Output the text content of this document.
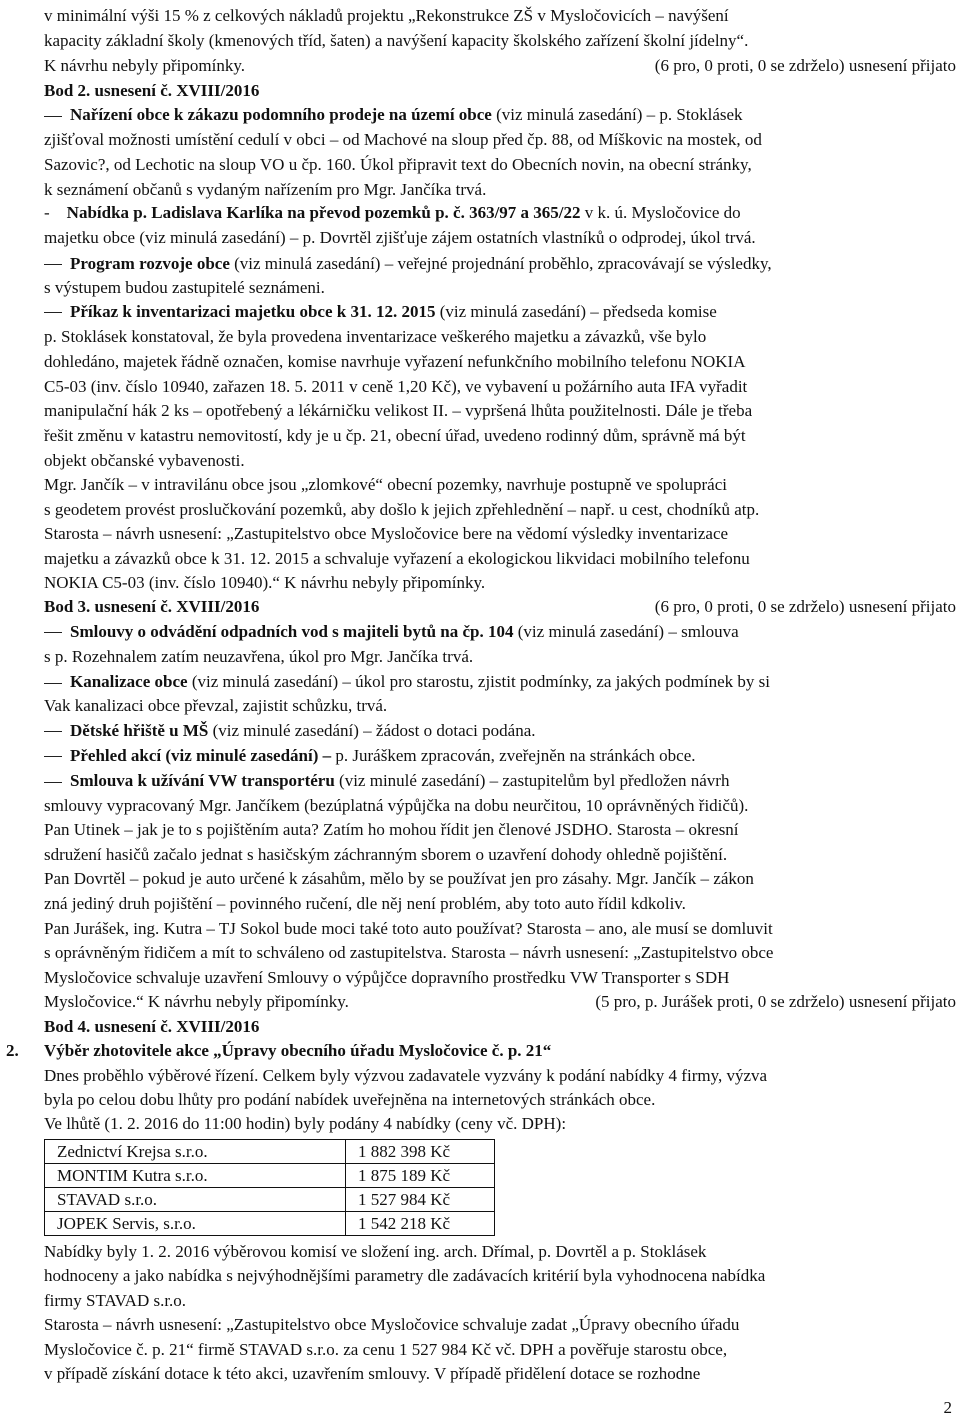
v minimální výši 15 % z celkových nákladů projektu „Rekonstrukce ZŠ v Mysločovicích – navýšení
kapacity základní školy (kmenových tříd, šaten) a navýšení kapacity školského zařízení školní jídelny“.
K návrhu nebyly připomínky.	(6 pro, 0 proti, 0 se zdrželo) usnesení přijato
Bod 2. usnesení č. XVIII/2016
Nařízení obce k zákazu podomního prodeje na území obce (viz minulá zasedání) – p. Stoklásek
zjišťoval možnosti umístění cedulí v obci – od Machové na sloup před čp. 88, od Míškovic na mostek, od
Sazovic?, od Lechotic na sloup VO u čp. 160. Úkol připravit text do Obecních novin, na obecní stránky,
k seznámení občanů s vydaným nařízením pro Mgr. Jančíka trvá.
-    Nabídka p. Ladislava Karlíka na převod pozemků p. č. 363/97 a 365/22 v k. ú. Mysločovice do
majetku obce (viz minulá zasedání) – p. Dovrtěl zjišťuje zájem ostatních vlastníků o odprodej, úkol trvá.
Program rozvoje obce (viz minulá zasedání) – veřejné projednání proběhlo, zpracovávají se výsledky,
s výstupem budou zastupitelé seznámeni.
Příkaz k inventarizaci majetku obce k 31. 12. 2015 (viz minulá zasedání) – předseda komise
p. Stoklásek konstatoval, že byla provedena inventarizace veškerého majetku a závazků, vše bylo
dohledáno, majetek řádně označen, komise navrhuje vyřazení nefunkčního mobilního telefonu NOKIA
C5-03 (inv. číslo 10940, zařazen 18. 5. 2011 v ceně 1,20 Kč), ve vybavení u požárního auta IFA vyřadit
manipulační hák 2 ks – opotřebený a lékárničku velikost II. – vypršená lhůta použitelnosti. Dále je třeba
řešit změnu v katastru nemovitostí, kdy je u čp. 21, obecní úřad, uvedeno rodinný dům, správně má být
objekt občanské vybavenosti.
Mgr. Jančík – v intravilánu obce jsou „zlomkové“ obecní pozemky, navrhuje postupně ve spolupráci
s geodetem provést proslučkování pozemků, aby došlo k jejich zpřehlednění – např. u cest, chodníků atp.
Starosta – návrh usnesení: „Zastupitelstvo obce Mysločovice bere na vědomí výsledky inventarizace
majetku a závazků obce k 31. 12. 2015 a schvaluje vyřazení a ekologickou likvidaci mobilního telefonu
NOKIA C5-03 (inv. číslo 10940).“ K návrhu nebyly připomínky.
Bod 3. usnesení č. XVIII/2016	(6 pro, 0 proti, 0 se zdrželo) usnesení přijato
Smlouvy o odvádění odpadních vod s majiteli bytů na čp. 104 (viz minulá zasedání) – smlouva
s p. Rozehnalem zatím neuzavřena, úkol pro Mgr. Jančíka trvá.
Kanalizace obce (viz minulá zasedání) – úkol pro starostu, zjistit podmínky, za jakých podmínek by si
Vak kanalizaci obce převzal, zajistit schůzku, trvá.
Dětské hřiště u MŠ (viz minulé zasedání) – žádost o dotaci podána.
Přehled akcí (viz minulé zasedání) – p. Juráškem zpracován, zveřejněn na stránkách obce.
Smlouva k užívání VW transportéru (viz minulé zasedání) – zastupitelům byl předložen návrh
smlouvy vypracovaný Mgr. Jančíkem (bezúplatná výpůjčka na dobu neurčitou, 10 oprávněných řidičů).
Pan Utinek – jak je to s pojištěním auta? Zatím ho mohou řídit jen členové JSDHO. Starosta – okresní
sdružení hasičů začalo jednat s hasičským záchranným sborem o uzavření dohody ohledně pojištění.
Pan Dovrtěl – pokud je auto určené k zásahům, mělo by se používat jen pro zásahy. Mgr. Jančík – zákon
zná jediný druh pojištění – povinného ručení, dle něj není problém, aby toto auto řídil kdkoliv.
Pan Jurášek, ing. Kutra – TJ Sokol bude moci také toto auto používat? Starosta – ano, ale musí se domluvit
s oprávněným řidičem a mít to schváleno od zastupitelstva. Starosta – návrh usnesení: „Zastupitelstvo obce
Mysločovice schvaluje uzavření Smlouvy o výpůjčce dopravního prostředku VW Transporter s SDH
Mysločovice.“ K návrhu nebyly připomínky.	(5 pro, p. Jurášek proti, 0 se zdrželo) usnesení přijato
Bod 4. usnesení č. XVIII/2016
2. Výběr zhotovitele akce „Úpravy obecního úřadu Mysločovice č. p. 21“
Dnes proběhlo výběrové řízení. Celkem byly výzvou zadavatele vyzvány k podání nabídky 4 firmy, výzva
byla po celou dobu lhůty pro podání nabídek uveřejněna na internetových stránkách obce.
Ve lhůtě (1. 2. 2016 do 11:00 hodin) byly podány 4 nabídky (ceny vč. DPH):
Zednictví Krejsa s.r.o.	1 882 398 Kč
MONTIM Kutra s.r.o.	1 875 189 Kč
STAVAD s.r.o.	1 527 984 Kč
JOPEK Servis, s.r.o.	1 542 218 Kč
Nabídky byly 1. 2. 2016 výběrovou komisí ve složení ing. arch. Dřímal, p. Dovrtěl a p. Stoklásek
hodnoceny a jako nabídka s nejvýhodnějšími parametry dle zadávacích kritérií byla vyhodnocena nabídka
firmy STAVAD s.r.o.
Starosta – návrh usnesení: „Zastupitelstvo obce Mysločovice schvaluje zadat „Úpravy obecního úřadu
Mysločovice č. p. 21“ firmě STAVAD s.r.o. za cenu 1 527 984 Kč vč. DPH a pověřuje starostu obce,
v případě získání dotace k této akci, uzavřením smlouvy. V případě přidělení dotace se rozhodne
2
